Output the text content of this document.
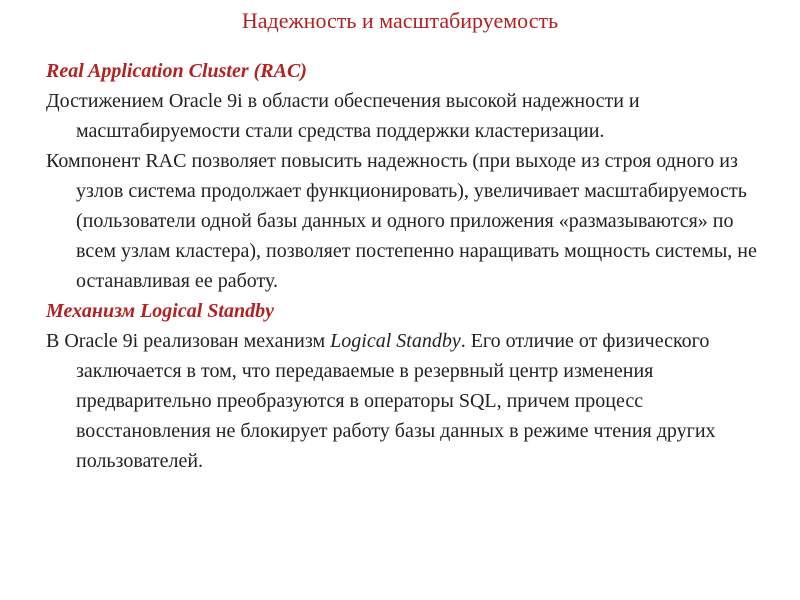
Надежность и масштабируемость

Real Application Cluster (RAC)

Достижением Oracle 9i в области обеспечения высокой надежности и масштабируемости стали средства поддержки кластеризации.

Компонент RAC позволяет повысить надежность (при выходе из строя одного из узлов система продолжает функционировать), увеличивает масштабируемость (пользователи одной базы данных и одного приложения «размазываются» по всем узлам кластера), позволяет постепенно наращивать мощность системы, не останавливая ее работу.

Механизм Logical Standby

В Oracle 9i реализован механизм Logical Standby. Его отличие от физического заключается в том, что передаваемые в резервный центр изменения предварительно преобразуются в операторы SQL, причем процесс восстановления не блокирует работу базы данных в режиме чтения других пользователей.
